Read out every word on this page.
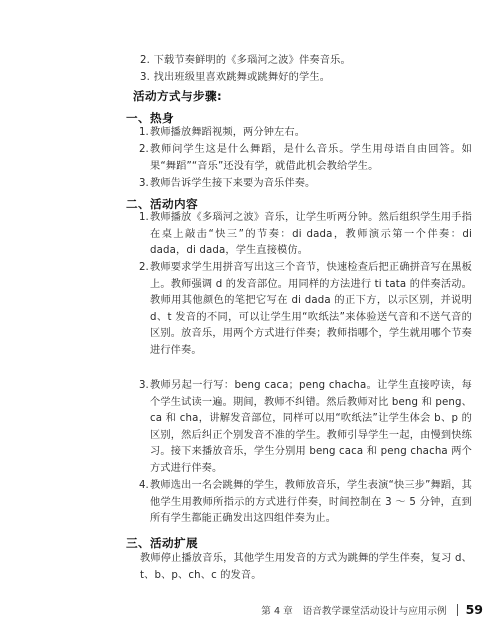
2. 下载节奏鲜明的《多瑙河之波》伴奏音乐。
3. 找出班级里喜欢跳舞或跳舞好的学生。
活动方式与步骤:
一、热身
1. 教师播放舞蹈视频，两分钟左右。
2. 教师问学生这是什么舞蹈，是什么音乐。学生用母语自由回答。如果“舞蹈”“音乐”还没有学，就借此机会教给学生。
3. 教师告诉学生接下来要为音乐伴奏。
二、活动内容
1. 教师播放《多瑙河之波》音乐，让学生听两分钟。然后组织学生用手指在桌上敲击“快三”的节奏：di dada，教师演示第一个伴奏：di dada，di dada，学生直接模仿。
2. 教师要求学生用拼音写出这三个音节，快速检查后把正确拼音写在黑板上。教师强调 d 的发音部位。用同样的方法进行 ti tata 的伴奏活动。教师用其他颜色的笔把它写在 di dada 的正下方，以示区别，并说明 d、t 发音的不同，可以让学生用“吹纸法”来体验送气音和不送气音的区别。放音乐，用两个方式进行伴奏；教师指哪个，学生就用哪个节奏进行伴奏。
3. 教师另起一行写：beng caca；peng chacha。让学生直接哼读，每个学生试读一遍。期间，教师不纠错。然后教师对比 beng 和 peng、ca 和 cha，讲解发音部位，同样可以用“吹纸法”让学生体会 b、p 的区别，然后纠正个别发音不准的学生。教师引导学生一起，由慢到快练习。接下来播放音乐，学生分别用 beng caca 和 peng chacha 两个方式进行伴奏。
4. 教师选出一名会跳舞的学生，教师放音乐，学生表演“快三步”舞蹈，其他学生用教师所指示的方式进行伴奏，时间控制在 3 ～ 5 分钟，直到所有学生都能正确发出这四组伴奏为止。
三、活动扩展
教师停止播放音乐，其他学生用发音的方式为跳舞的学生伴奏，复习 d、t、b、p、ch、c 的发音。
第 4 章 语音教学课堂活动设计与应用示例 59
